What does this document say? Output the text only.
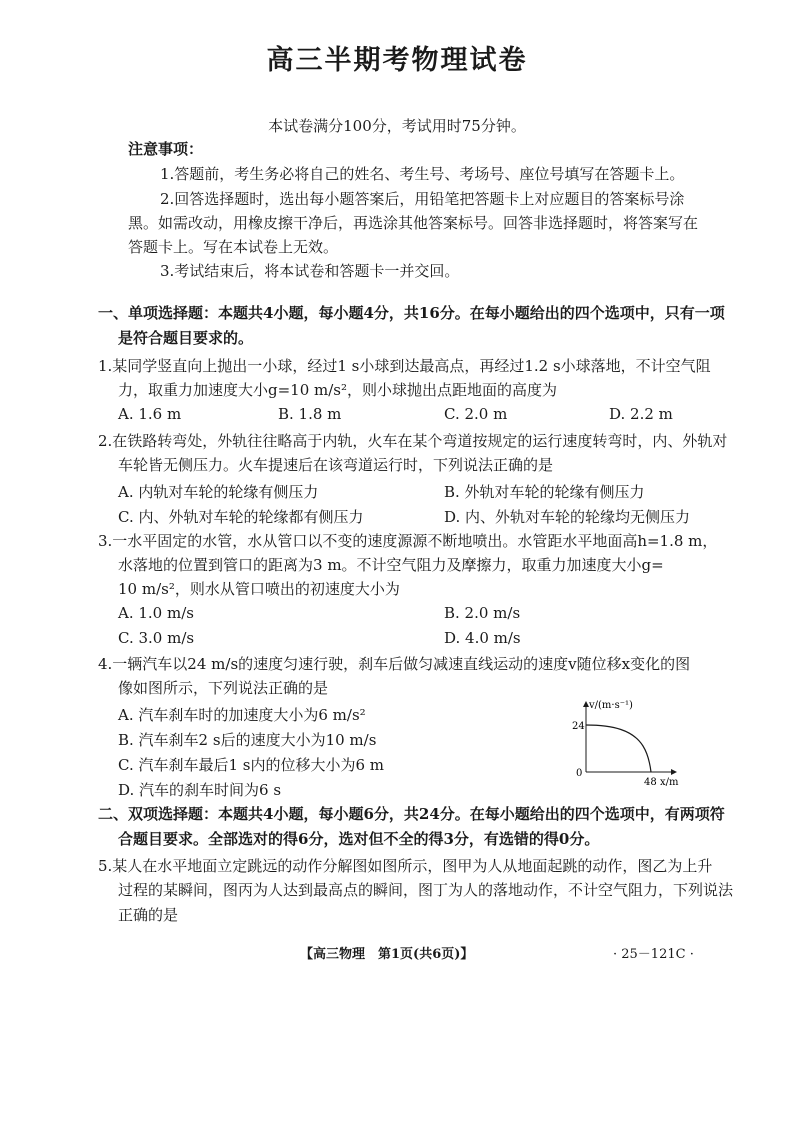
高三半期考物理试卷
本试卷满分100分，考试用时75分钟。
注意事项：
1.答题前，考生务必将自己的姓名、考生号、考场号、座位号填写在答题卡上。
2.回答选择题时，选出每小题答案后，用铅笔把答题卡上对应题目的答案标号涂
黑。如需改动，用橡皮擦干净后，再选涂其他答案标号。回答非选择题时，将答案写在
答题卡上。写在本试卷上无效。
3.考试结束后，将本试卷和答题卡一并交回。
一、单项选择题：本题共4小题，每小题4分，共16分。在每小题给出的四个选项中，只有一项
是符合题目要求的。
1.某同学竖直向上抛出一小球，经过1 s小球到达最高点，再经过1.2 s小球落地，不计空气阻
力，取重力加速度大小g=10 m/s²，则小球抛出点距地面的高度为
A. 1.6 m	B. 1.8 m	C. 2.0 m	D. 2.2 m
2.在铁路转弯处，外轨往往略高于内轨，火车在某个弯道按规定的运行速度转弯时，内、外轨对
车轮皆无侧压力。火车提速后在该弯道运行时，下列说法正确的是
A. 内轨对车轮的轮缘有侧压力	B. 外轨对车轮的轮缘有侧压力
C. 内、外轨对车轮的轮缘都有侧压力	D. 内、外轨对车轮的轮缘均无侧压力
3.一水平固定的水管，水从管口以不变的速度源源不断地喷出。水管距水平地面高h=1.8 m，
水落地的位置到管口的距离为3 m。不计空气阻力及摩擦力，取重力加速度大小g=
10 m/s²，则水从管口喷出的初速度大小为
A. 1.0 m/s	B. 2.0 m/s
C. 3.0 m/s	D. 4.0 m/s
4.一辆汽车以24 m/s的速度匀速行驶，刹车后做匀减速直线运动的速度v随位移x变化的图
像如图所示，下列说法正确的是
A. 汽车刹车时的加速度大小为6 m/s²
B. 汽车刹车2 s后的速度大小为10 m/s
C. 汽车刹车最后1 s内的位移大小为6 m
D. 汽车的刹车时间为6 s
v/(m·s⁻¹)
24
0
48 x/m
二、双项选择题：本题共4小题，每小题6分，共24分。在每小题给出的四个选项中，有两项符
合题目要求。全部选对的得6分，选对但不全的得3分，有选错的得0分。
5.某人在水平地面立定跳远的动作分解图如图所示，图甲为人从地面起跳的动作，图乙为上升
过程的某瞬间，图丙为人达到最高点的瞬间，图丁为人的落地动作，不计空气阻力，下列说法
正确的是
【高三物理　第1页(共6页)】	· 25－121C ·
